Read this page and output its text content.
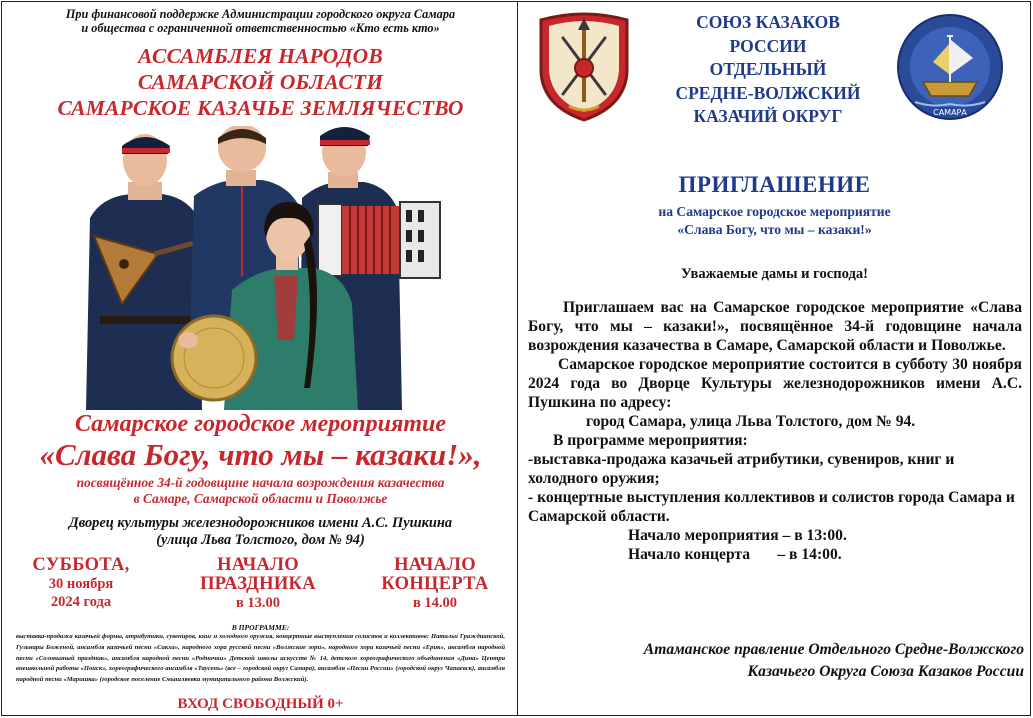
При финансовой поддержке Администрации городского округа Самара
и общества с ограниченной ответственностью «Кто есть кто»
АССАМБЛЕЯ НАРОДОВ
САМАРСКОЙ ОБЛАСТИ
САМАРСКОЕ КАЗАЧЬЕ ЗЕМЛЯЧЕСТВО
Самарское городское мероприятие
«Слава Богу, что мы – казаки!»,
посвящённое 34-й годовщине начала возрождения казачества
в Самаре, Самарской области и Поволжье
Дворец культуры железнодорожников имени А.С. Пушкина
(улица Льва Толстого, дом № 94)
СУББОТА,
30 ноября
2024 года
НАЧАЛО
ПРАЗДНИКА
в 13.00
НАЧАЛО
КОНЦЕРТА
в 14.00
В ПРОГРАММЕ:
выставка-продажа казачьей формы, атрибутики, сувениров, книг и холодного оружия, концертные выступления солистов и коллективов: Натальи Граждианской, Гульнары Боженой, ансамбля казачьей песни «Сакха», народного хора русской песни «Волжские зори», народного хора казачьей песни «Ерик», ансамбля народной песни «Соловьиный праздник», ансамбля народной песни «Роднички» Детской школы искусств № 14, детского хореографического объединения «Дина» Центра внешкольной работы «Поиск», хореографического ансамбля «Таусень» (все – городской округ Самара), ансамбля «Песни России» (городской округ Чапаевск), ансамбля народной песни «Маришка» (городское поселение Смышляевка муниципального района Волжский).
ВХОД СВОБОДНЫЙ 0+
СОЮЗ КАЗАКОВ
РОССИИ
ОТДЕЛЬНЫЙ
СРЕДНЕ-ВОЛЖСКИЙ
КАЗАЧИЙ ОКРУГ	САМАРА
ПРИГЛАШЕНИЕ
на Самарское городское мероприятие
«Слава Богу, что мы – казаки!»
Уважаемые дамы и господа!

Приглашаем вас на Самарское городское мероприятие «Слава Богу, что мы – казаки!», посвящённое 34-й годовщине начала возрождения казачества в Самаре, Самарской области и Поволжье.

Самарское городское мероприятие состоится в субботу 30 ноября 2024 года во Дворце Культуры железнодорожников имени А.С. Пушкина по адресу:

город Самара, улица Льва Толстого, дом № 94.

В программе мероприятия:

-выставка-продажа казачьей атрибутики, сувениров, книг и холодного оружия;

- концертные выступления коллективов и солистов города Самара и Самарской области.

Начало мероприятия – в 13:00.

Начало концерта       – в 14:00.

Атаманское правление Отдельного Средне-Волжского
Казачьего Округа Союза Казаков России
